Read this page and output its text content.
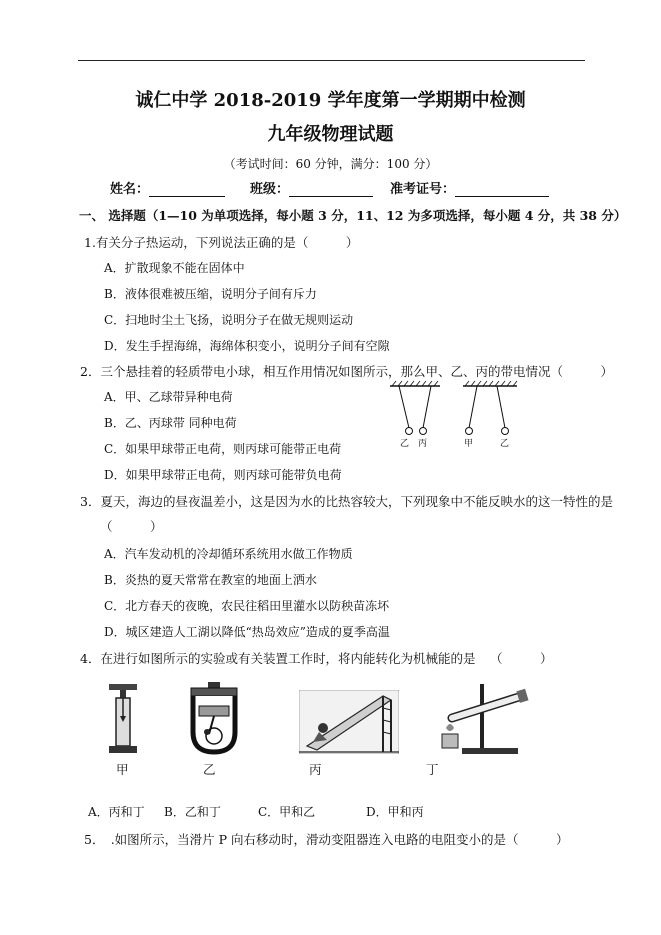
诚仁中学 2018-2019 学年度第一学期期中检测
九年级物理试题
（考试时间：60 分钟，满分：100 分）
姓名：	班级：	准考证号：
一、 选择题（1—10 为单项选择，每小题 3 分，11、12 为多项选择，每小题 4 分，共 38 分）
1.有关分子热运动，下列说法正确的是（　　　）
A．扩散现象不能在固体中
B．液体很难被压缩，说明分子间有斥力
C．扫地时尘土飞扬，说明分子在做无规则运动
D．发生手捏海绵，海绵体积变小，说明分子间有空隙
2．三个悬挂着的轻质带电小球，相互作用情况如图所示，那么甲、乙、丙的带电情况（　　　）
A．甲、乙球带异种电荷
B．乙、丙球带 同种电荷
C．如果甲球带正电荷，则丙球可能带正电荷
D．如果甲球带正电荷，则丙球可能带负电荷
乙 丙	甲	乙
3．夏天，海边的昼夜温差小，这是因为水的比热容较大，下列现象中不能反映水的这一特性的是
（　　　）
A．汽车发动机的冷却循环系统用水做工作物质
B．炎热的夏天常常在教室的地面上洒水
C．北方春天的夜晚，农民往稻田里灌水以防秧苗冻坏
D．城区建造人工湖以降低“热岛效应”造成的夏季高温
4．在进行如图所示的实验或有关装置工作时，将内能转化为机械能的是 （　　　）
甲	乙	丙	丁
A．丙和丁 B．乙和丁	C．甲和乙	D．甲和丙
5．　.如图所示，当滑片 P 向右移动时，滑动变阻器连入电路的电阻变小的是（　　　）
